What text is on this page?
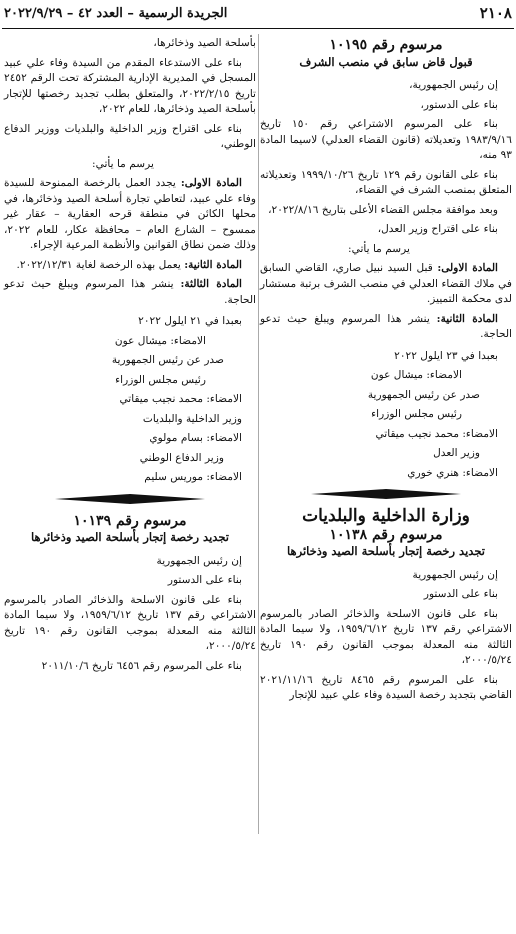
الجريدة الرسمية – العدد ٤٢ – ٢٠٢٢/٩/٢٩	٢١٠٨
مرسوم رقم ١٠١٩٥
قبول قاض سابق في منصب الشرف

إن رئيس الجمهورية،

بناء على الدستور،

بناء على المرسوم الاشتراعي رقم ١٥٠ تاريخ ١٩٨٣/٩/١٦ وتعديلاته (قانون القضاء العدلي) لاسيما المادة ٩٣ منه،

بناء على القانون رقم ١٢٩ تاريخ ١٩٩٩/١٠/٢٦ وتعديلاته المتعلق بمنصب الشرف في القضاء،

وبعد موافقة مجلس القضاء الأعلى بتاريخ ٢٠٢٢/٨/١٦،

بناء على اقتراح وزير العدل،

يرسم ما يأتي:

المادة الاولى: قبل السيد نبيل صاري، القاضي السابق في ملاك القضاء العدلي في منصب الشرف برتبة مستشار لدى محكمة التمييز.

المادة الثانية: ينشر هذا المرسوم ويبلغ حيث تدعو الحاجة.

بعبدا في ٢٣ ايلول ٢٠٢٢

الامضاء: ميشال عون

صدر عن رئيس الجمهورية

رئيس مجلس الوزراء

الامضاء: محمد نجيب ميقاتي

وزير العدل

الامضاء: هنري خوري

وزارة الداخلية والبلديات
مرسوم رقم ١٠١٣٨
تجديد رخصة إتجار بأسلحة الصيد وذخائرها

إن رئيس الجمهورية

بناء على الدستور

بناء على قانون الاسلحة والذخائر الصادر بالمرسوم الاشتراعي رقم ١٣٧ تاريخ ١٩٥٩/٦/١٢، ولا سيما المادة الثالثة منه المعدلة بموجب القانون رقم ١٩٠ تاريخ ٢٠٠٠/٥/٢٤،

بناء على المرسوم رقم ٨٤٦٥ تاريخ ٢٠٢١/١١/١٦ القاضي بتجديد رخصة السيدة وفاء علي عبيد للإتجار

بأسلحة الصيد وذخائرها،

بناء على الاستدعاء المقدم من السيدة وفاء علي عبيد المسجل في المديرية الإدارية المشتركة تحت الرقم ٢٤٥٢ تاريخ ٢٠٢٢/٢/١٥، والمتعلق بطلب تجديد رخصتها للإتجار بأسلحة الصيد وذخائرها، للعام ٢٠٢٢،

بناء على اقتراح وزير الداخلية والبلديات ووزير الدفاع الوطني،

يرسم ما يأتي:

المادة الاولى: يجدد العمل بالرخصة الممنوحة للسيدة وفاء علي عبيد، لتعاطي تجارة أسلحة الصيد وذخائرها، في محلها الكائن في منطقة قرحه العقارية – عقار غير ممسوح – الشارع العام – محافظة عكار، للعام ٢٠٢٢، وذلك ضمن نطاق القوانين والأنظمة المرعية الإجراء.

المادة الثانية: يعمل بهذه الرخصة لغاية ٢٠٢٢/١٢/٣١.

المادة الثالثة: ينشر هذا المرسوم ويبلغ حيث تدعو الحاجة.

بعبدا في ٢١ ايلول ٢٠٢٢

الامضاء: ميشال عون

صدر عن رئيس الجمهورية

رئيس مجلس الوزراء

الامضاء: محمد نجيب ميقاتي

وزير الداخلية والبلديات

الامضاء: بسام مولوي

وزير الدفاع الوطني

الامضاء: موريس سليم

مرسوم رقم ١٠١٣٩
تجديد رخصة إتجار بأسلحة الصيد وذخائرها

إن رئيس الجمهورية

بناء على الدستور

بناء على قانون الاسلحة والذخائر الصادر بالمرسوم الاشتراعي رقم ١٣٧ تاريخ ١٩٥٩/٦/١٢، ولا سيما المادة الثالثة منه المعدلة بموجب القانون رقم ١٩٠ تاريخ ٢٠٠٠/٥/٢٤،

بناء على المرسوم رقم ٦٤٥٦ تاريخ ٢٠١١/١٠/٦
